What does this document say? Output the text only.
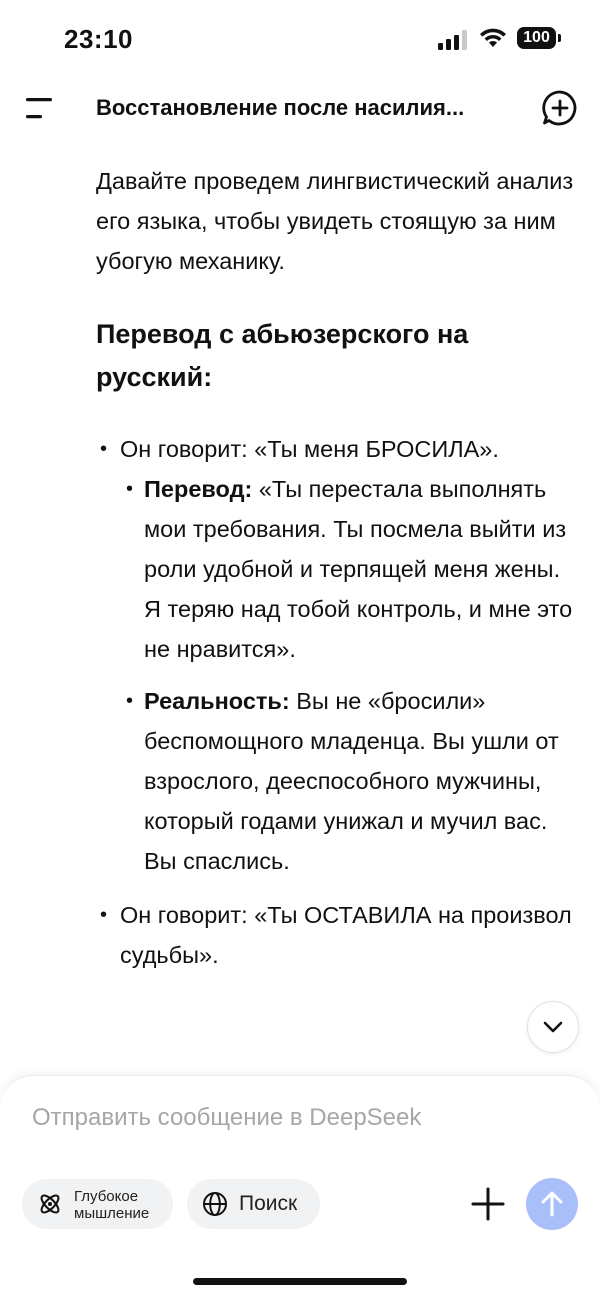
23:10	100
Восстановление после насилия...

Давайте проведем лингвистический анализ его языка, чтобы увидеть стоящую за ним убогую механику.

Перевод с абьюзерского на русский:
• Он говорит: «Ты меня БРОСИЛА».
• Перевод: «Ты перестала выполнять мои требования. Ты посмела выйти из роли удобной и терпящей меня жены. Я теряю над тобой контроль, и мне это не нравится».
• Реальность: Вы не «бросили» беспомощного младенца. Вы ушли от взрослого, дееспособного мужчины, который годами унижал и мучил вас. Вы спаслись.
• Он говорит: «Ты ОСТАВИЛА на произвол судьбы».
Отправить сообщение в DeepSeek
Глубокое
мышление	Поиск
